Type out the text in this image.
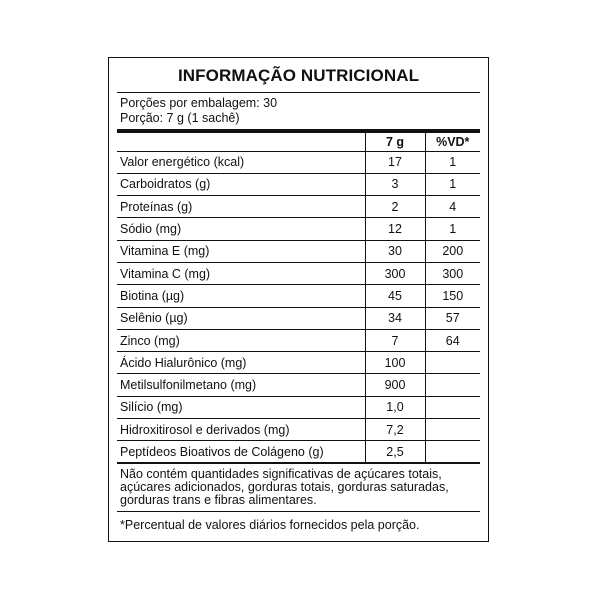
INFORMAÇÃO NUTRICIONAL
Porções por embalagem: 30
Porção: 7 g (1 sachê)
	7 g	%VD*
Valor energético (kcal)	17	1
Carboidratos (g)	3	1
Proteínas (g)	2	4
Sódio (mg)	12	1
Vitamina E (mg)	30	200
Vitamina C (mg)	300	300
Biotina (µg)	45	150
Selênio (µg)	34	57
Zinco (mg)	7	64
Ácido Hialurônico (mg)	100	
Metilsulfonilmetano (mg)	900	
Silício (mg)	1,0	
Hidroxitirosol e derivados (mg)	7,2	
Peptídeos Bioativos de Colágeno (g)	2,5	
Não contém quantidades significativas de açúcares totais,
açúcares adicionados, gorduras totais, gorduras saturadas,
gorduras trans e fibras alimentares.
*Percentual de valores diários fornecidos pela porção.
